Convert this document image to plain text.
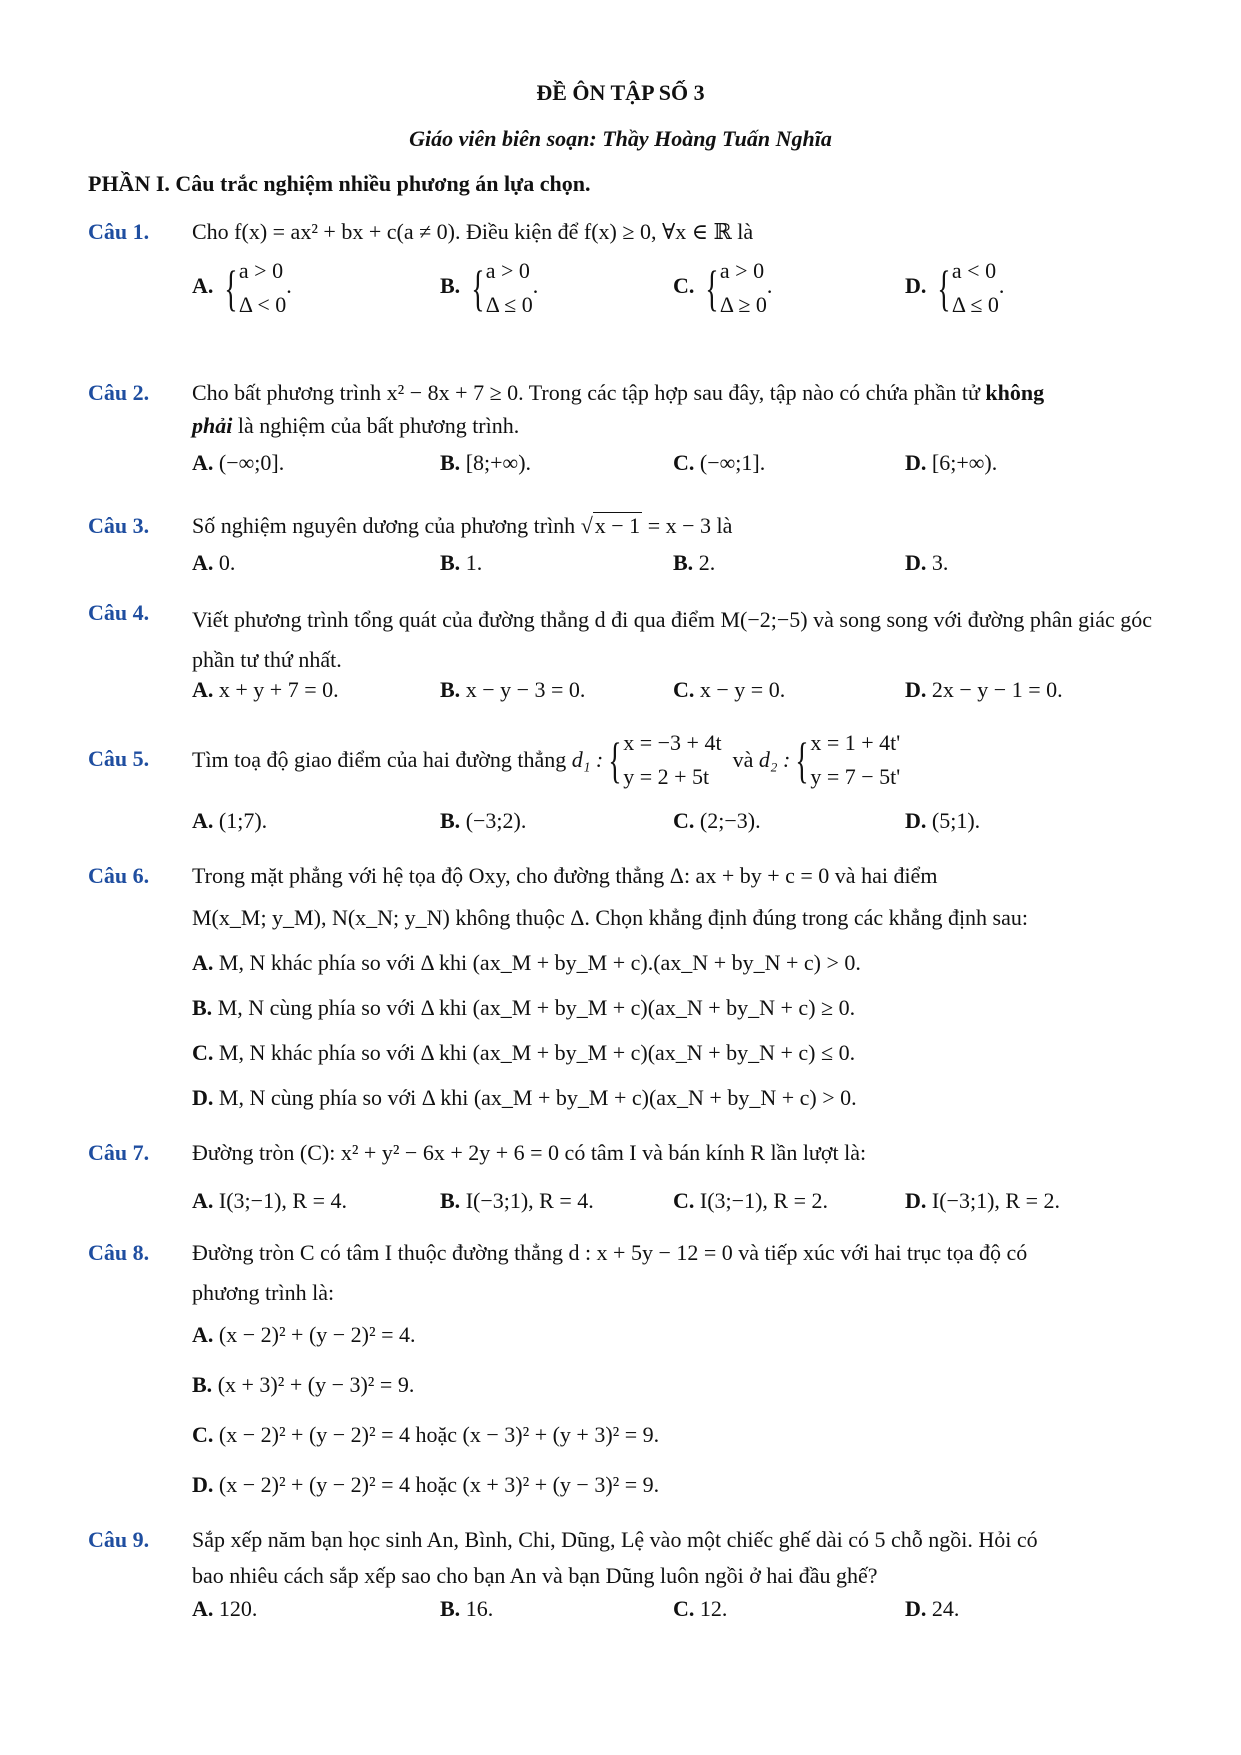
ĐỀ ÔN TẬP SỐ 3
Giáo viên biên soạn: Thầy Hoàng Tuấn Nghĩa
PHẦN I. Câu trắc nghiệm nhiều phương án lựa chọn.
Câu 1. Cho f(x) = ax² + bx + c(a ≠ 0). Điều kiện để f(x) ≥ 0, ∀x ∈ ℝ là
A. { a > 0
Δ < 0
.	B. { a > 0
Δ ≤ 0
.	C. { a > 0
Δ ≥ 0
.	D. { a < 0
Δ ≤ 0
.
Câu 2. Cho bất phương trình x² − 8x + 7 ≥ 0. Trong các tập hợp sau đây, tập nào có chứa phần tử không
phải là nghiệm của bất phương trình.
A. (−∞;0].	B. [8;+∞).	C. (−∞;1].	D. [6;+∞).
Câu 3. Số nghiệm nguyên dương của phương trình √x − 1 = x − 3 là
A. 0.	B. 1.	B. 2.	D. 3.
Câu 4. Viết phương trình tổng quát của đường thẳng d đi qua điểm M(−2;−5) và song song với đường phân giác góc phần tư thứ nhất.
A. x + y + 7 = 0.	B. x − y − 3 = 0.	C. x − y = 0.	D. 2x − y − 1 = 0.
Câu 5. Tìm toạ độ giao điểm của hai đường thẳng
d₁ : { x = −3 + 4t
y = 2 + 5t

và
d₂ : { x = 1 + 4t'
y = 7 − 5t'
A. (1;7).	B. (−3;2).	C. (2;−3).	D. (5;1).
Câu 6. Trong mặt phẳng với hệ tọa độ Oxy, cho đường thẳng Δ: ax + by + c = 0 và hai điểm
M(x_M; y_M), N(x_N; y_N) không thuộc Δ. Chọn khẳng định đúng trong các khẳng định sau:
A. M, N khác phía so với Δ khi (ax_M + by_M + c).(ax_N + by_N + c) > 0.
B. M, N cùng phía so với Δ khi (ax_M + by_M + c)(ax_N + by_N + c) ≥ 0.
C. M, N khác phía so với Δ khi (ax_M + by_M + c)(ax_N + by_N + c) ≤ 0.
D. M, N cùng phía so với Δ khi (ax_M + by_M + c)(ax_N + by_N + c) > 0.
Câu 7. Đường tròn (C): x² + y² − 6x + 2y + 6 = 0 có tâm I và bán kính R lần lượt là:
A. I(3;−1), R = 4.	B. I(−3;1), R = 4.	C. I(3;−1), R = 2.	D. I(−3;1), R = 2.
Câu 8. Đường tròn C có tâm I thuộc đường thẳng d : x + 5y − 12 = 0 và tiếp xúc với hai trục tọa độ có
phương trình là:
A. (x − 2)² + (y − 2)² = 4.
B. (x + 3)² + (y − 3)² = 9.
C. (x − 2)² + (y − 2)² = 4 hoặc (x − 3)² + (y + 3)² = 9.
D. (x − 2)² + (y − 2)² = 4 hoặc (x + 3)² + (y − 3)² = 9.
Câu 9. Sắp xếp năm bạn học sinh An, Bình, Chi, Dũng, Lệ vào một chiếc ghế dài có 5 chỗ ngồi. Hỏi có
bao nhiêu cách sắp xếp sao cho bạn An và bạn Dũng luôn ngồi ở hai đầu ghế?
A. 120.	B. 16.	C. 12.	D. 24.
